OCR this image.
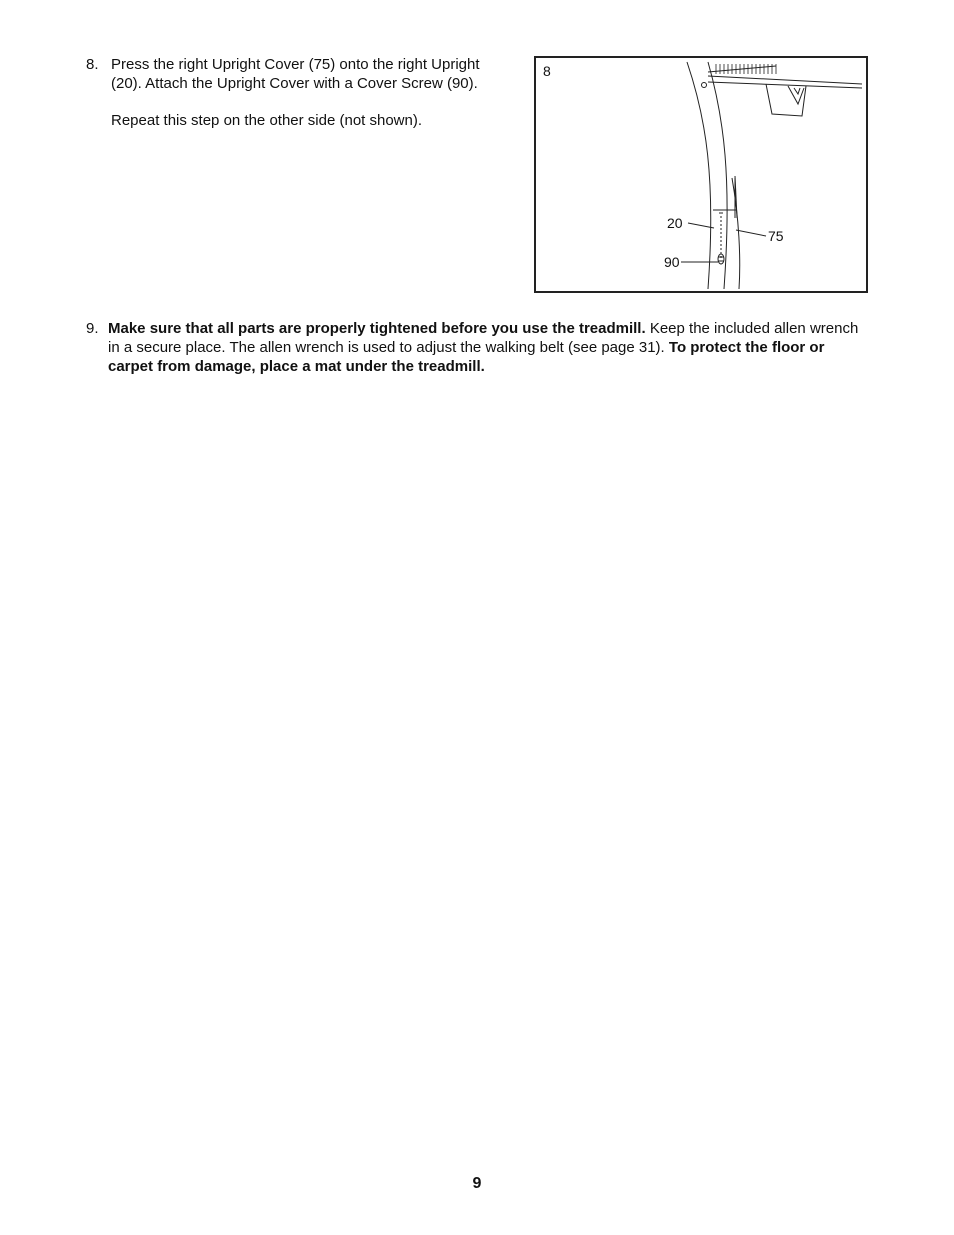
8. Press the right Upright Cover (75) onto the right Upright
(20). Attach the Upright Cover with a Cover Screw (90).
Repeat this step on the other side (not shown).
8
20
75
90
9. Make sure that all parts are properly tightened before you use the treadmill. Keep the included allen wrench in a secure place. The allen wrench is used to adjust the walking belt (see page 31). To protect the floor or carpet from damage, place a mat under the treadmill.
9
